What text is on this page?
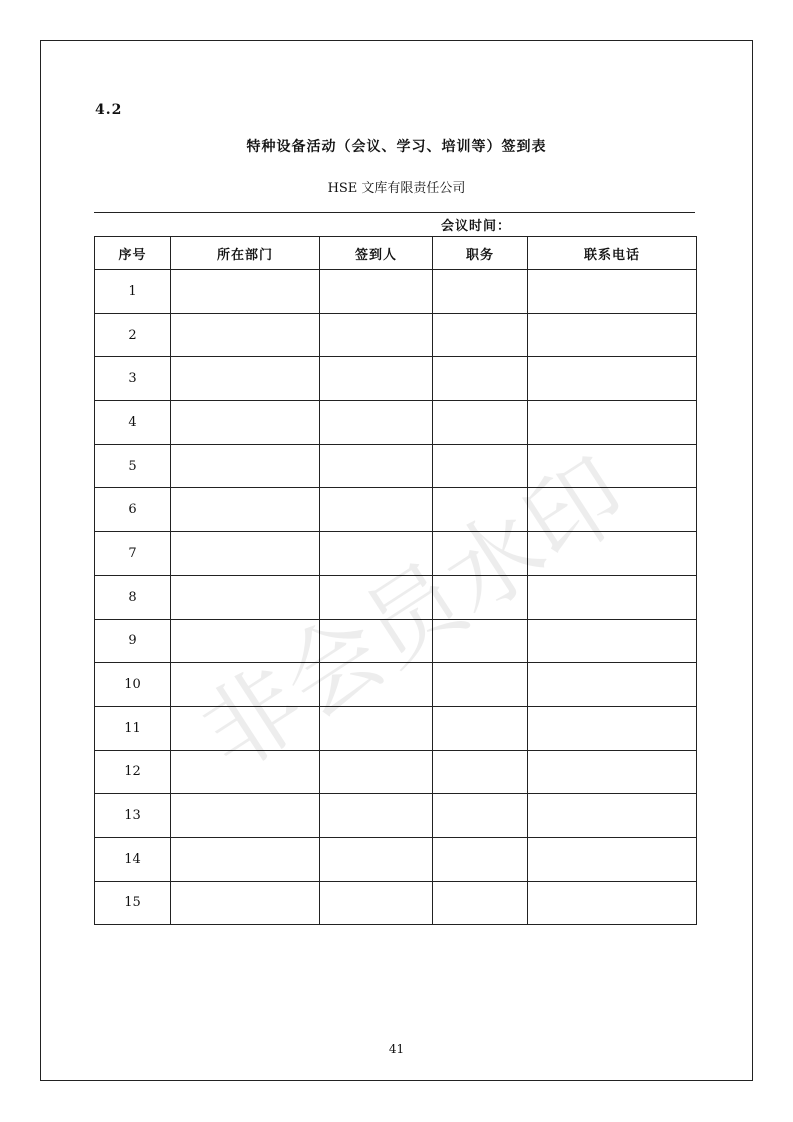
4.2
特种设备活动（会议、学习、培训等）签到表
HSE 文库有限责任公司
会议时间：
序号	所在部门	签到人	职务	联系电话
1				
2				
3				
4				
5				
6				
7				
8				
9				
10				
11				
12				
13				
14				
15				
非会员水印
41
